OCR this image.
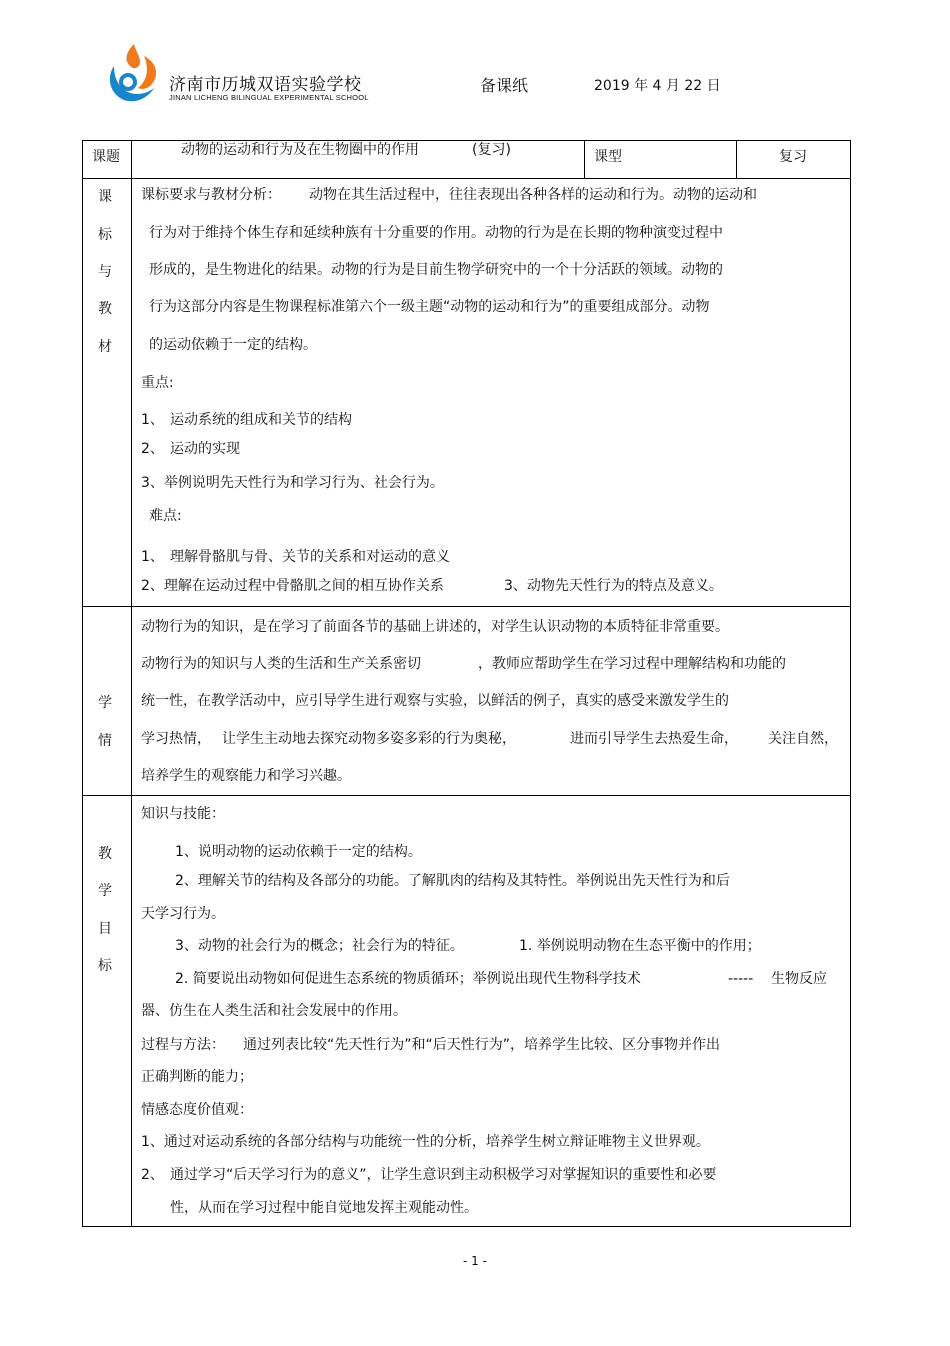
济南市历城双语实验学校
JINAN LICHENG BILINGUAL EXPERIMENTAL SCHOOL
备课纸	2019 年 4 月 22 日
课题	动物的运动和行为及在生物圈中的作用	(复习)	课型	复习
课
标
与
教
材
课标要求与教材分析： 动物在其生活过程中，往往表现出各种各样的运动和行为。动物的运动和
行为对于维持个体生存和延续种族有十分重要的作用。动物的行为是在长期的物种演变过程中
形成的，是生物进化的结果。动物的行为是目前生物学研究中的一个十分活跃的领域。动物的
行为这部分内容是生物课程标准第六个一级主题“动物的运动和行为”的重要组成部分。动物
的运动依赖于一定的结构。
重点:
1、 运动系统的组成和关节的结构
2、 运动的实现
3、举例说明先天性行为和学习行为、社会行为。
难点:
1、 理解骨骼肌与骨、关节的关系和对运动的意义
2、理解在运动过程中骨骼肌之间的相互协作关系	3、动物先天性行为的特点及意义。
学
情
动物行为的知识，是在学习了前面各节的基础上讲述的，对学生认识动物的本质特征非常重要。
动物行为的知识与人类的生活和生产关系密切	，教师应帮助学生在学习过程中理解结构和功能的
统一性，在教学活动中，应引导学生进行观察与实验，以鲜活的例子，真实的感受来激发学生的
学习热情， 让学生主动地去探究动物多姿多彩的行为奥秘，	进而引导学生去热爱生命， 关注自然，
培养学生的观察能力和学习兴趣。
教
学
目
标
知识与技能：
1、说明动物的运动依赖于一定的结构。
2、理解关节的结构及各部分的功能。了解肌肉的结构及其特性。举例说出先天性行为和后
天学习行为。
3、动物的社会行为的概念；社会行为的特征。	1. 举例说明动物在生态平衡中的作用；
2. 简要说出动物如何促进生态系统的物质循环；举例说出现代生物科学技术	----- 生物反应
器、仿生在人类生活和社会发展中的作用。
过程与方法： 通过列表比较“先天性行为”和“后天性行为”，培养学生比较、区分事物并作出
正确判断的能力；
情感态度价值观：
1、通过对运动系统的各部分结构与功能统一性的分析，培养学生树立辩证唯物主义世界观。
2、 通过学习“后天学习行为的意义”，让学生意识到主动积极学习对掌握知识的重要性和必要
性，从而在学习过程中能自觉地发挥主观能动性。
- 1 -
